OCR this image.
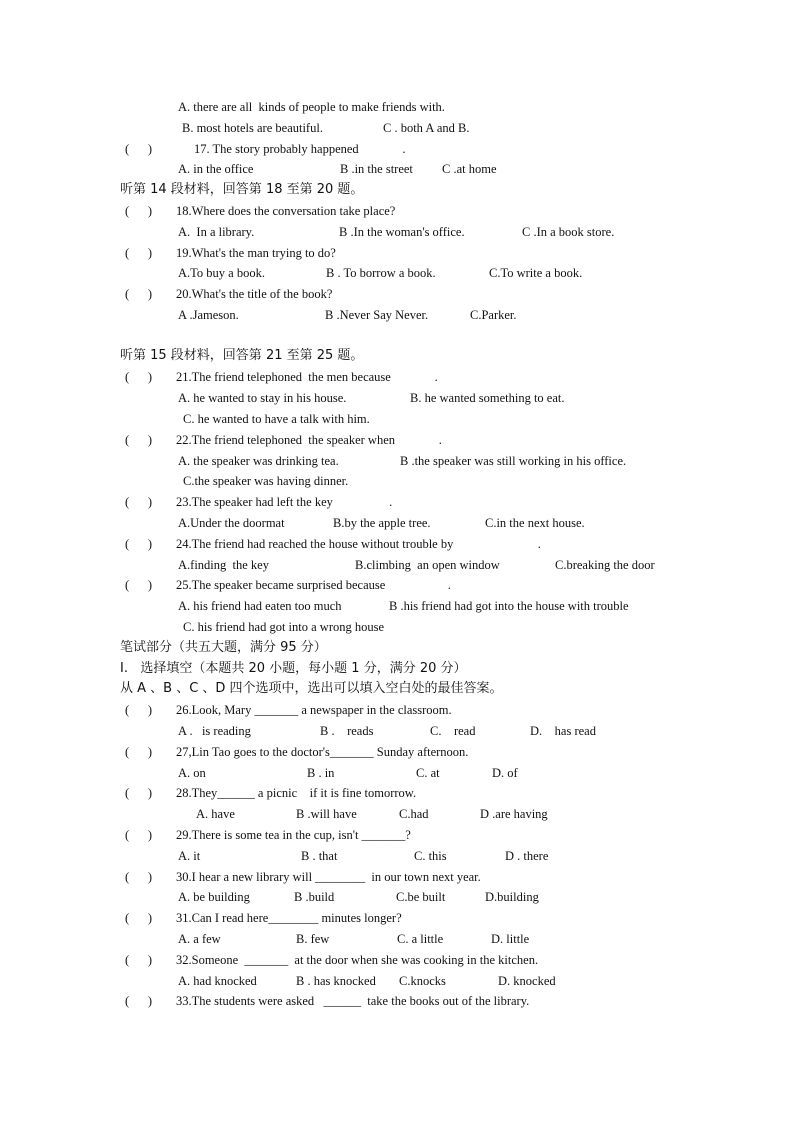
A. there are all  kinds of people to make friends with.
B. most hotels are beautiful.	C . both A and B.
(      )	17. The story probably happened              .
A. in the office	B .in the street C .at home
听第 14 段材料，回答第 18 至第 20 题。
(      ) 18.Where does the conversation take place?
A.  In a library.	B .In the woman's office.	C .In a book store.
(      ) 19.What's the man trying to do?
A.To buy a book.	B . To borrow a book.	C.To write a book.
(      ) 20.What's the title of the book?
A .Jameson.	B .Never Say Never.	C.Parker.
听第 15 段材料，回答第 21 至第 25 题。
(      ) 21.The friend telephoned  the men because              .
A. he wanted to stay in his house.	B. he wanted something to eat.
C. he wanted to have a talk with him.
(      ) 22.The friend telephoned  the speaker when              .
A. the speaker was drinking tea.	B .the speaker was still working in his office.
C.the speaker was having dinner.
(      ) 23.The speaker had left the key                  .
A.Under the doormat	B.by the apple tree.	C.in the next house.
(      ) 24.The friend had reached the house without trouble by                           .
A.finding  the key	B.climbing  an open window	C.breaking the door
(      ) 25.The speaker became surprised because                    .
A. his friend had eaten too much	B .his friend had got into the house with trouble
C. his friend had got into a wrong house
笔试部分（共五大题，满分 95 分）
I.   选择填空（本题共 20 小题，每小题 1 分，满分 20 分）
从 A 、B 、C 、D 四个选项中，选出可以填入空白处的最佳答案。
(      ) 26.Look, Mary _______ a newspaper in the classroom.
A .   is reading	B .    reads	C.    read	D.    has read
(      ) 27,Lin Tao goes to the doctor's_______ Sunday afternoon.
A. on	B . in	C. at	D. of
(      ) 28.They______ a picnic    if it is fine tomorrow.
A. have	B .will have	C.had	D .are having
(      ) 29.There is some tea in the cup, isn't _______?
A. it	B . that	C. this	D . there
(      ) 30.I hear a new library will ________  in our town next year.
A. be building	B .build	C.be built	D.building
(      ) 31.Can I read here________ minutes longer?
A. a few	B. few	C. a little	D. little
(      ) 32.Someone  _______  at the door when she was cooking in the kitchen.
A. had knocked	B . has knocked C.knocks	D. knocked
(      ) 33.The students were asked   ______  take the books out of the library.
